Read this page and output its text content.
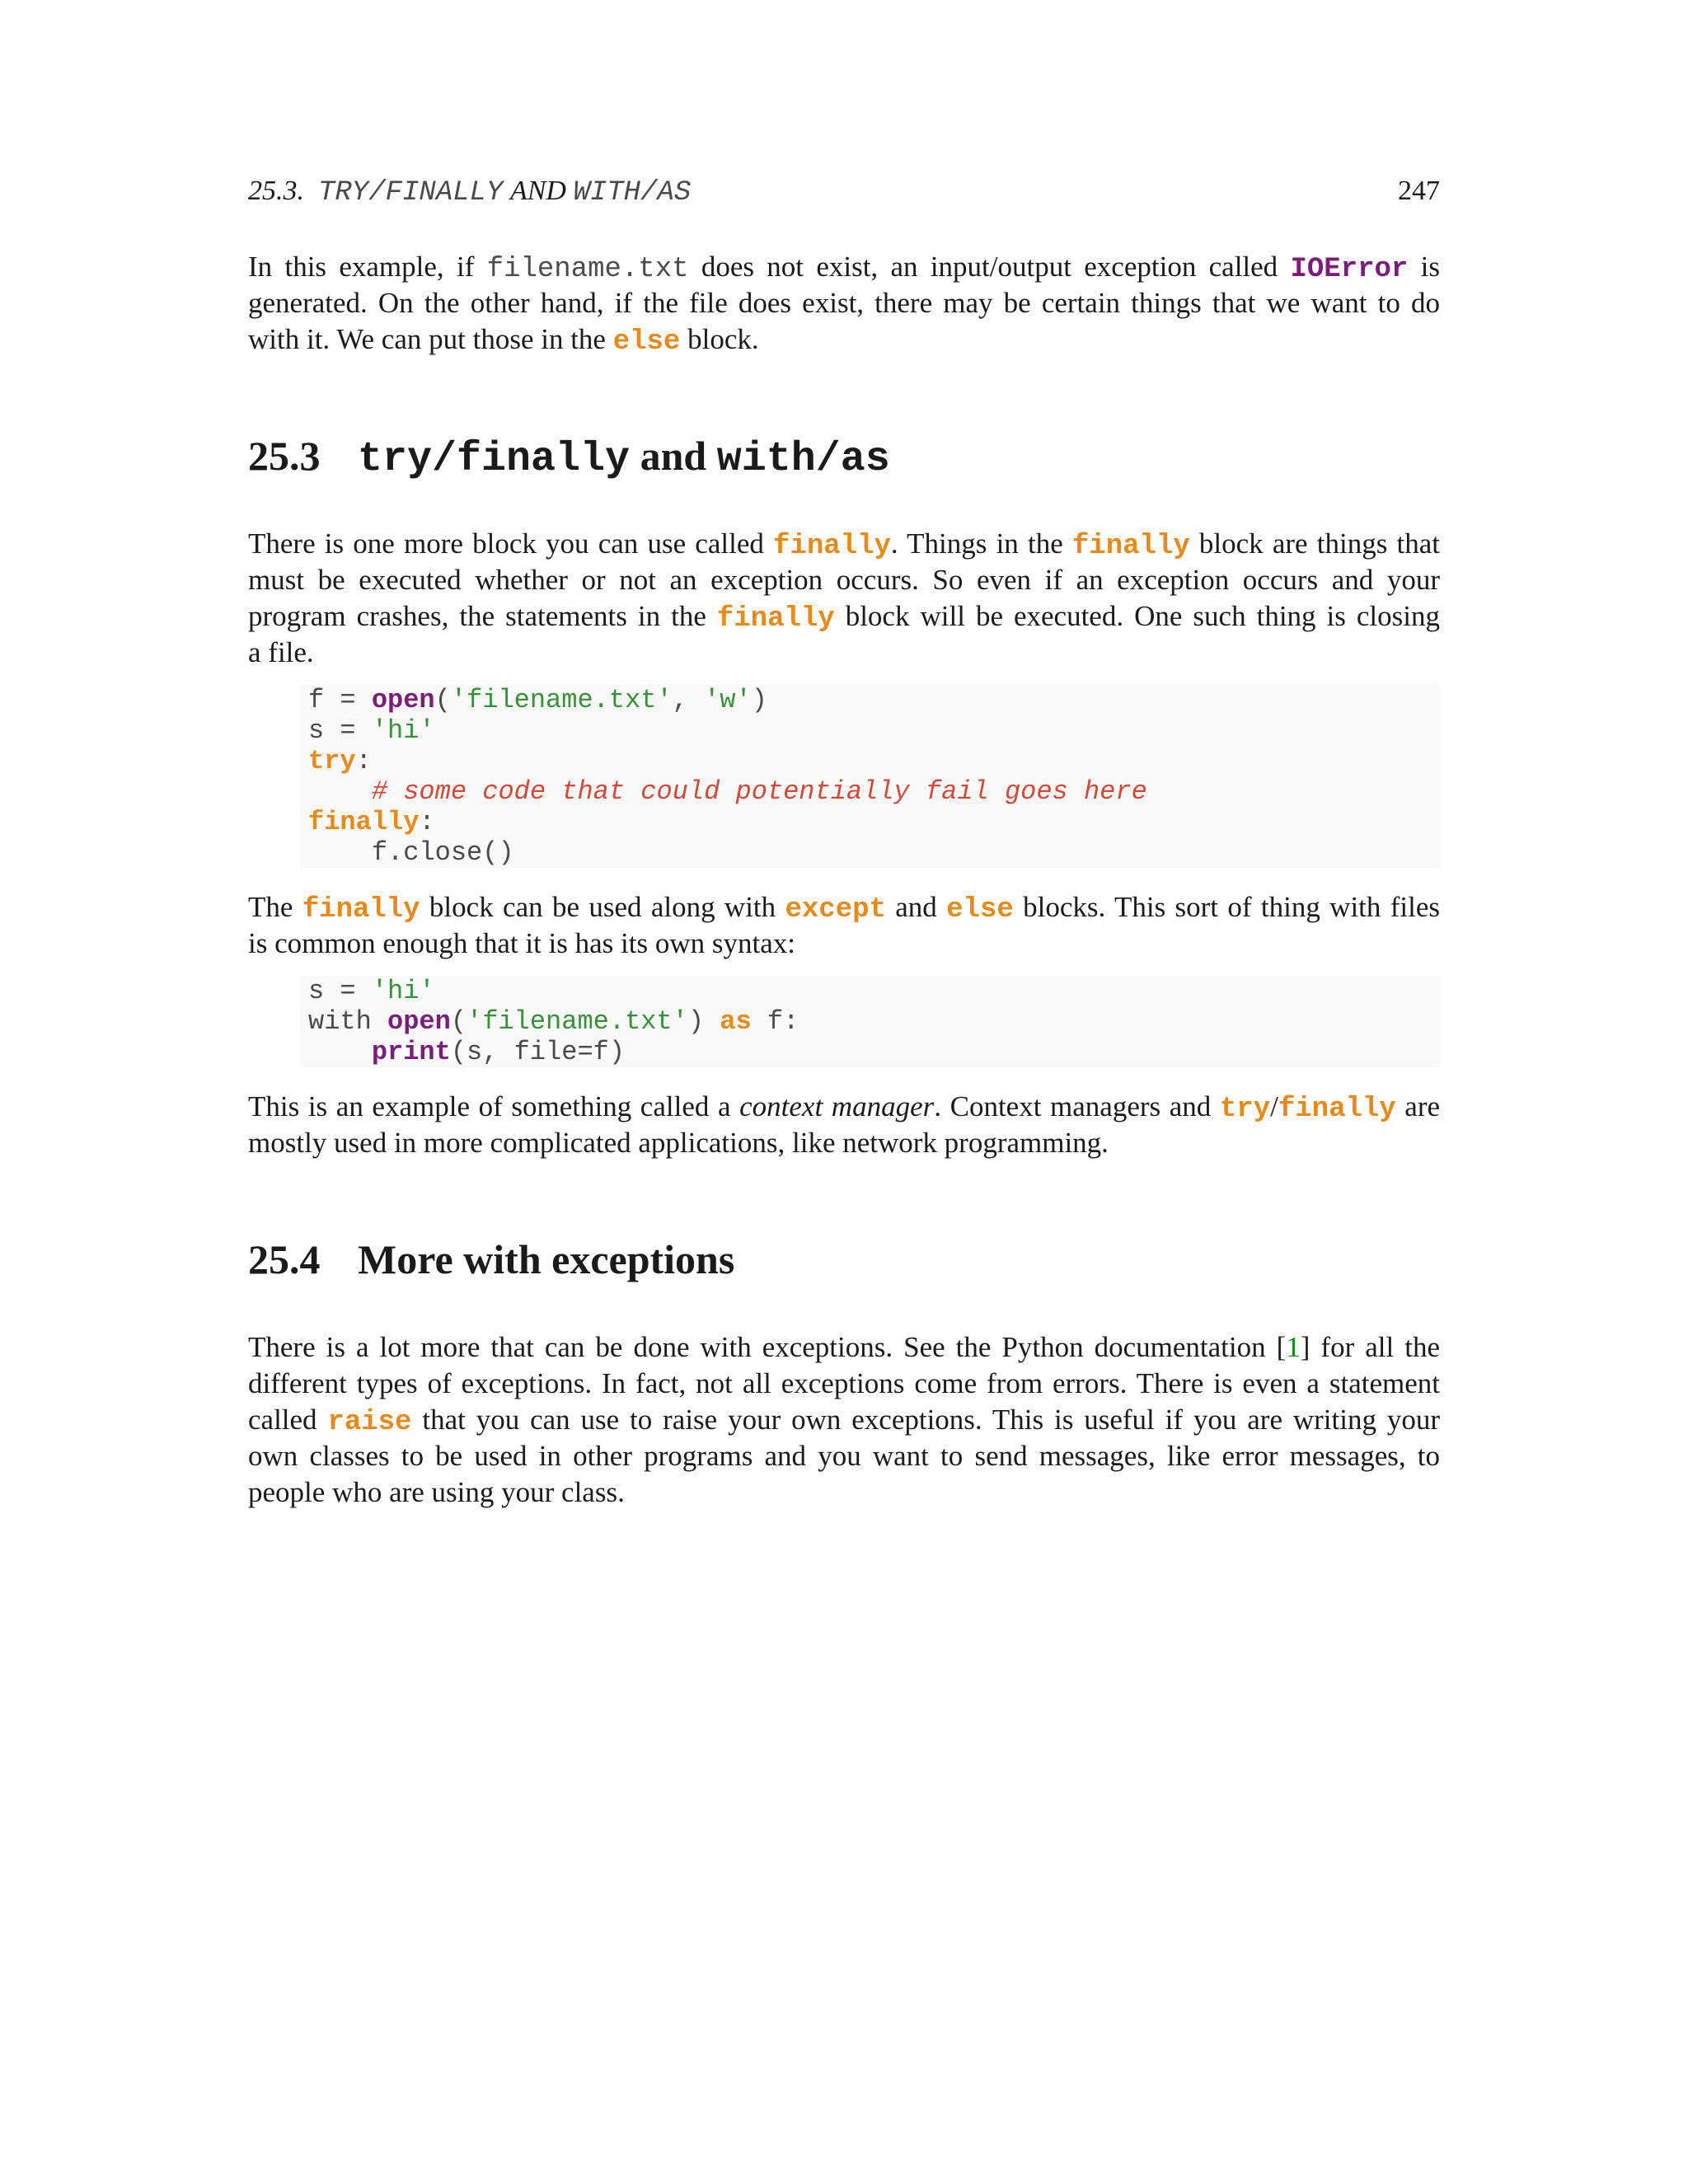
25.3. TRY/FINALLY AND WITH/AS	247
In this example, if filename.txt does not exist, an input/output exception called IOError is
generated. On the other hand, if the file does exist, there may be certain things that we want to do
with it. We can put those in the else block.
25.3 try/finally and with/as
There is one more block you can use called finally. Things in the finally block are things that
must be executed whether or not an exception occurs. So even if an exception occurs and your
program crashes, the statements in the finally block will be executed. One such thing is closing
a file.
f = open('filename.txt', 'w')
s = 'hi'
try:
# some code that could potentially fail goes here
finally:
f.close()
The finally block can be used along with except and else blocks. This sort of thing with files
is common enough that it is has its own syntax:
s = 'hi'
with open('filename.txt') as f:
print(s, file=f)
This is an example of something called a context manager. Context managers and try/finally are
mostly used in more complicated applications, like network programming.
25.4 More with exceptions
There is a lot more that can be done with exceptions. See the Python documentation [1] for all the
different types of exceptions. In fact, not all exceptions come from errors. There is even a statement
called raise that you can use to raise your own exceptions. This is useful if you are writing your
own classes to be used in other programs and you want to send messages, like error messages, to
people who are using your class.
